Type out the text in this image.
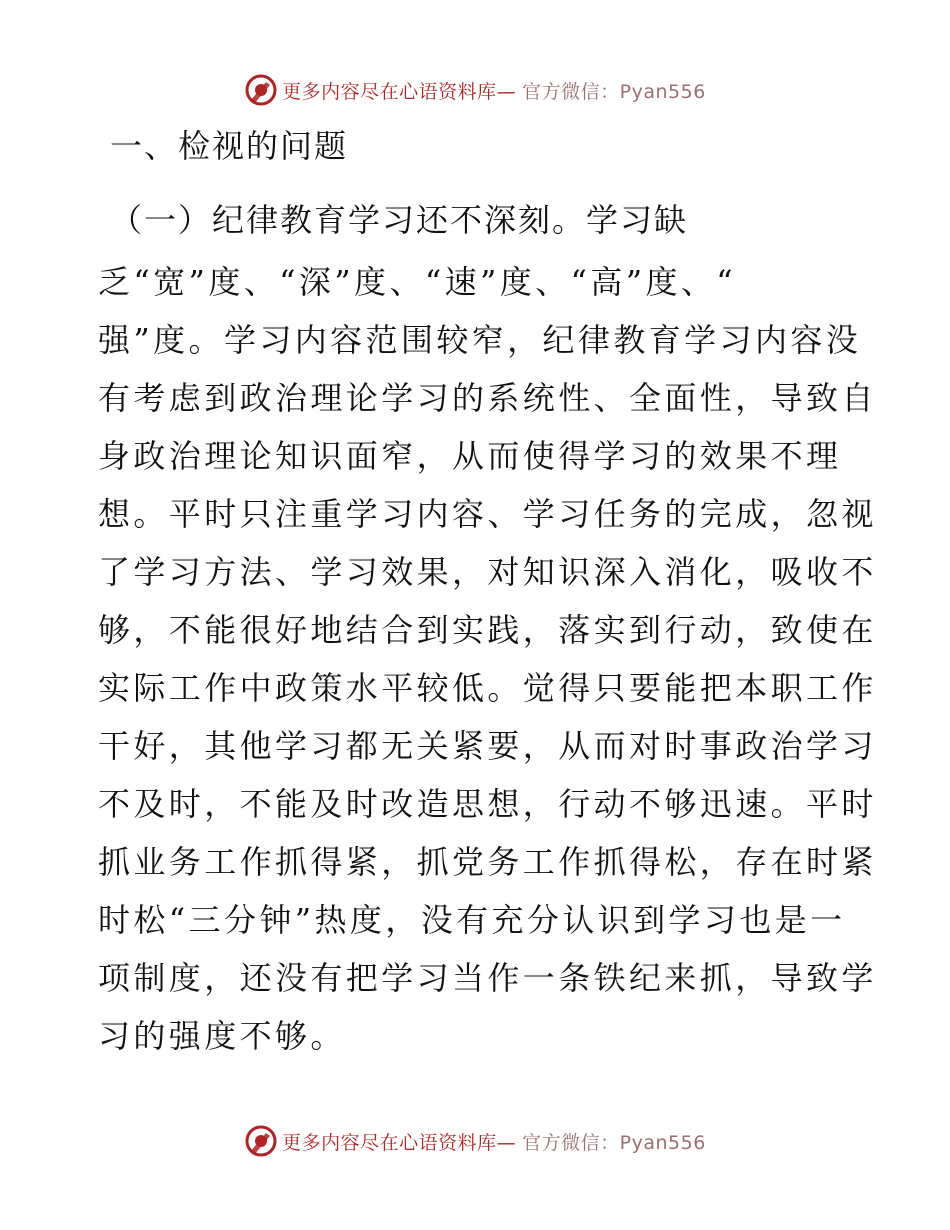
更多内容尽在心语资料库— 官方微信：Pyan556
一、检视的问题
（一）纪律教育学习还不深刻。学习缺
乏“宽”度、“深”度、“速”度、“高”度、“
强”度。学习内容范围较窄，纪律教育学习内容没
有考虑到政治理论学习的系统性、全面性，导致自
身政治理论知识面窄，从而使得学习的效果不理
想。平时只注重学习内容、学习任务的完成，忽视
了学习方法、学习效果，对知识深入消化，吸收不
够，不能很好地结合到实践，落实到行动，致使在
实际工作中政策水平较低。觉得只要能把本职工作
干好，其他学习都无关紧要，从而对时事政治学习
不及时，不能及时改造思想，行动不够迅速。平时
抓业务工作抓得紧，抓党务工作抓得松，存在时紧
时松“三分钟”热度，没有充分认识到学习也是一
项制度，还没有把学习当作一条铁纪来抓，导致学
习的强度不够。
更多内容尽在心语资料库— 官方微信：Pyan556
